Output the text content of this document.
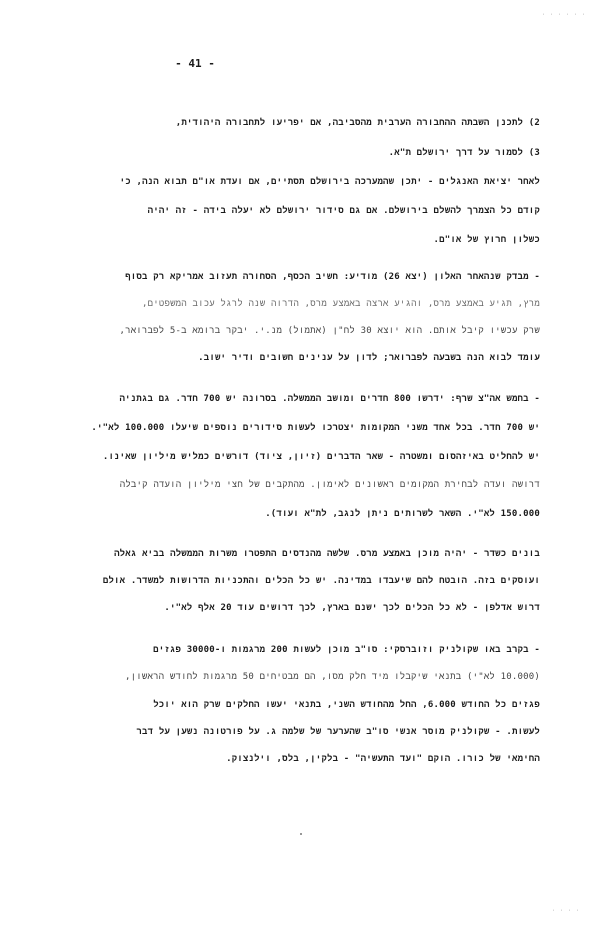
· · · · · ·
- 41 -
2) לתכנן השבתה ההחבורה הערבית מהסביבה, אם יפריעו לתחבורה היהודית,
3) לסמור על דרך ירושלם ת"א.
לאחר יציאת האנגלים - יתכן שהמערכה בירושלם תסתיים, אם ועדת או"ם תבוא הנה, כי
קודם כל הצמרך להשלם בירושלם. אם גם סידור ירושלם לא יעלה בידה - זה יהיה
כשלון חרוץ של או"ם.
- מבדק שנהאחר האלון (יצא 26) מודיע: חשיב הכסף, הסחורה תעזוב אמריקא רק בסוף
מרץ, תגיע באמצע מרס, והגיע ארצה באמצע מרס, הדרוה שנה לרגל עכוב המשפטים,
שרק עכשיו קיבל אותם. הוא יוצא 30 לח"ן (אתמול) מנ.י. יבקר ברומא ב-5 לפברואר,
עומד לבוא הנה בשבעה לפברואר; לדון על ענינים חשובים ודיר ישוב.
- בחמש אה"צ שרף: ידרשו 800 חדרים ומושב הממשלה. בסרונה יש 700 חדר. גם בגתניה
יש 700 חדר. בכל אחד משני המקומות יצטרכו לעשות סידורים נוספים שיעלו 100.000 לא"י.
יש להחליט באיזהסום ומשטרה - שאר הדברים (זיון, ציוד) דורשים כמליש מיליון שאינו.
דרושה ועדה לבחירת המקומים ראשונים לאימון. מהתקבים של חצי מיליון הועדה קיבלה
150.000 לא"י. השאר לשרותים ניתן לנגב, לת"א ועוד).
בונים כשדר - יהיה מוכן באמצע מרס. שלשה מהנדסים התפטרו משרות הממשלה בביא גאלה
ועוסקים בזה. הובטח להם שיעבדו במדינה. יש כל הכלים והתכניות הדרושות למשדר. אולם
דרוש אדלפן - לא כל הכלים לכך ישנם בארץ, לכך דרושים עוד 20 אלף לא"י.
- בקרב באו שקולניק וזוברסקי: סו"ב מוכן לעשות 200 מרגמות ו-30000 פגזים
(10.000 לא"י) בתנאי שיקבלו מיד חלק מסו, הם מבטיחים 50 מרגמות לחודש הראשון,
פגזים כל החודש 6.000, החל מהחודש השני, בתנאי יעשו החלקים שרק הוא יוכל
לעשות. - שקולניק מוסר אנשי סו"ב שהערער של שלמה ג. על פורטונה נשען על דבר
החימאי של כורו. הוקם "ועד התעשיה" - בלקין, בלס, וילנצוק.
· · · ·
